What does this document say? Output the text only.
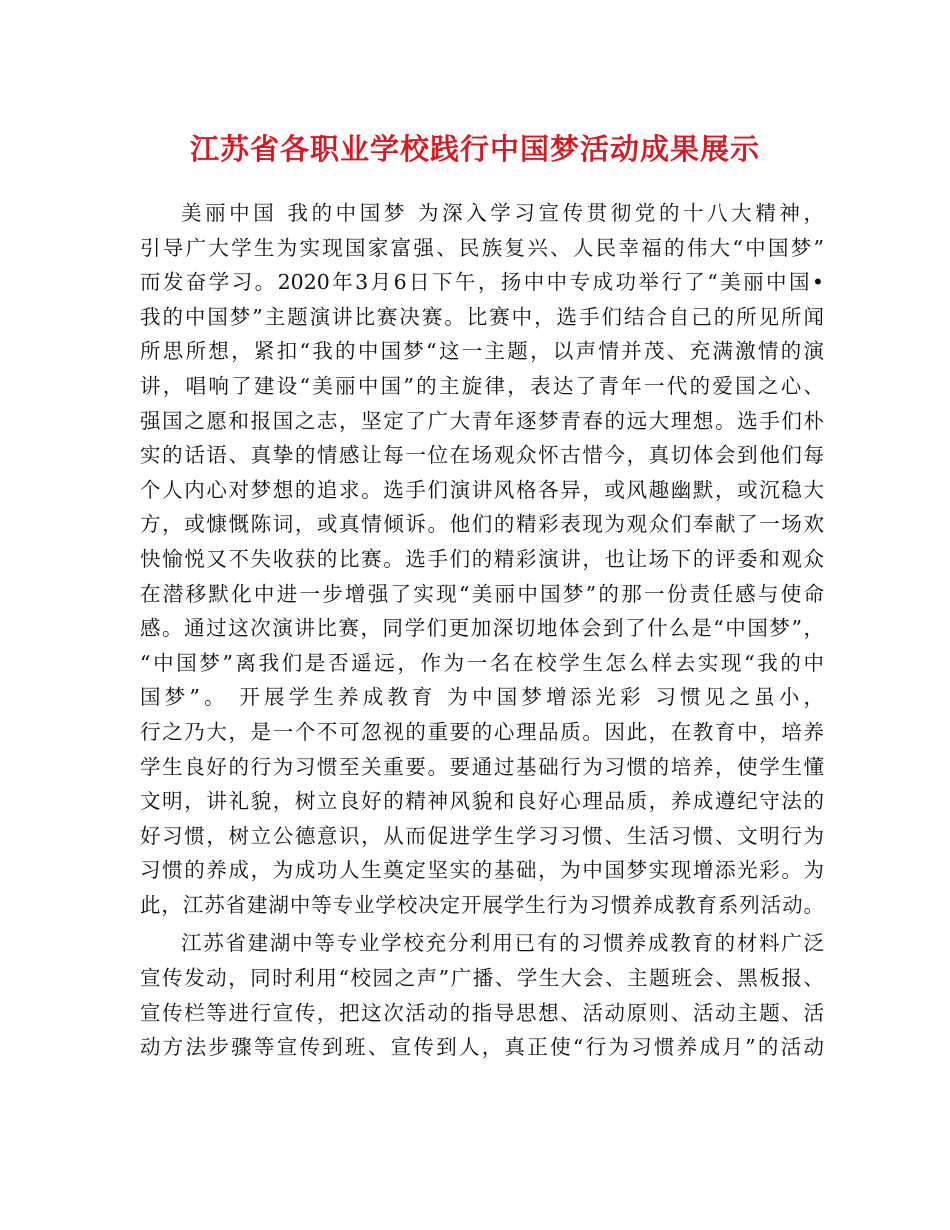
江苏省各职业学校践行中国梦活动成果展示
美丽中国 我的中国梦 为深入学习宣传贯彻党的十八大精神，
引导广大学生为实现国家富强、民族复兴、人民幸福的伟大“中国梦”
而发奋学习。2020年3月6日下午，扬中中专成功举行了“美丽中国•
我的中国梦”主题演讲比赛决赛。比赛中，选手们结合自己的所见所闻
所思所想，紧扣“我的中国梦“这一主题，以声情并茂、充满激情的演
讲，唱响了建设“美丽中国”的主旋律，表达了青年一代的爱国之心、
强国之愿和报国之志，坚定了广大青年逐梦青春的远大理想。选手们朴
实的话语、真挚的情感让每一位在场观众怀古惜今，真切体会到他们每
个人内心对梦想的追求。选手们演讲风格各异，或风趣幽默，或沉稳大
方，或慷慨陈词，或真情倾诉。他们的精彩表现为观众们奉献了一场欢
快愉悦又不失收获的比赛。选手们的精彩演讲，也让场下的评委和观众
在潜移默化中进一步增强了实现“美丽中国梦”的那一份责任感与使命
感。通过这次演讲比赛，同学们更加深切地体会到了什么是“中国梦”，
“中国梦”离我们是否遥远，作为一名在校学生怎么样去实现“我的中
国梦”。 开展学生养成教育 为中国梦增添光彩 习惯见之虽小，
行之乃大，是一个不可忽视的重要的心理品质。因此，在教育中，培养
学生良好的行为习惯至关重要。要通过基础行为习惯的培养，使学生懂
文明，讲礼貌，树立良好的精神风貌和良好心理品质，养成遵纪守法的
好习惯，树立公德意识，从而促进学生学习习惯、生活习惯、文明行为
习惯的养成，为成功人生奠定坚实的基础，为中国梦实现增添光彩。为
此，江苏省建湖中等专业学校决定开展学生行为习惯养成教育系列活动。
江苏省建湖中等专业学校充分利用已有的习惯养成教育的材料广泛
宣传发动，同时利用“校园之声”广播、学生大会、主题班会、黑板报、
宣传栏等进行宣传，把这次活动的指导思想、活动原则、活动主题、活
动方法步骤等宣传到班、宣传到人，真正使“行为习惯养成月”的活动
